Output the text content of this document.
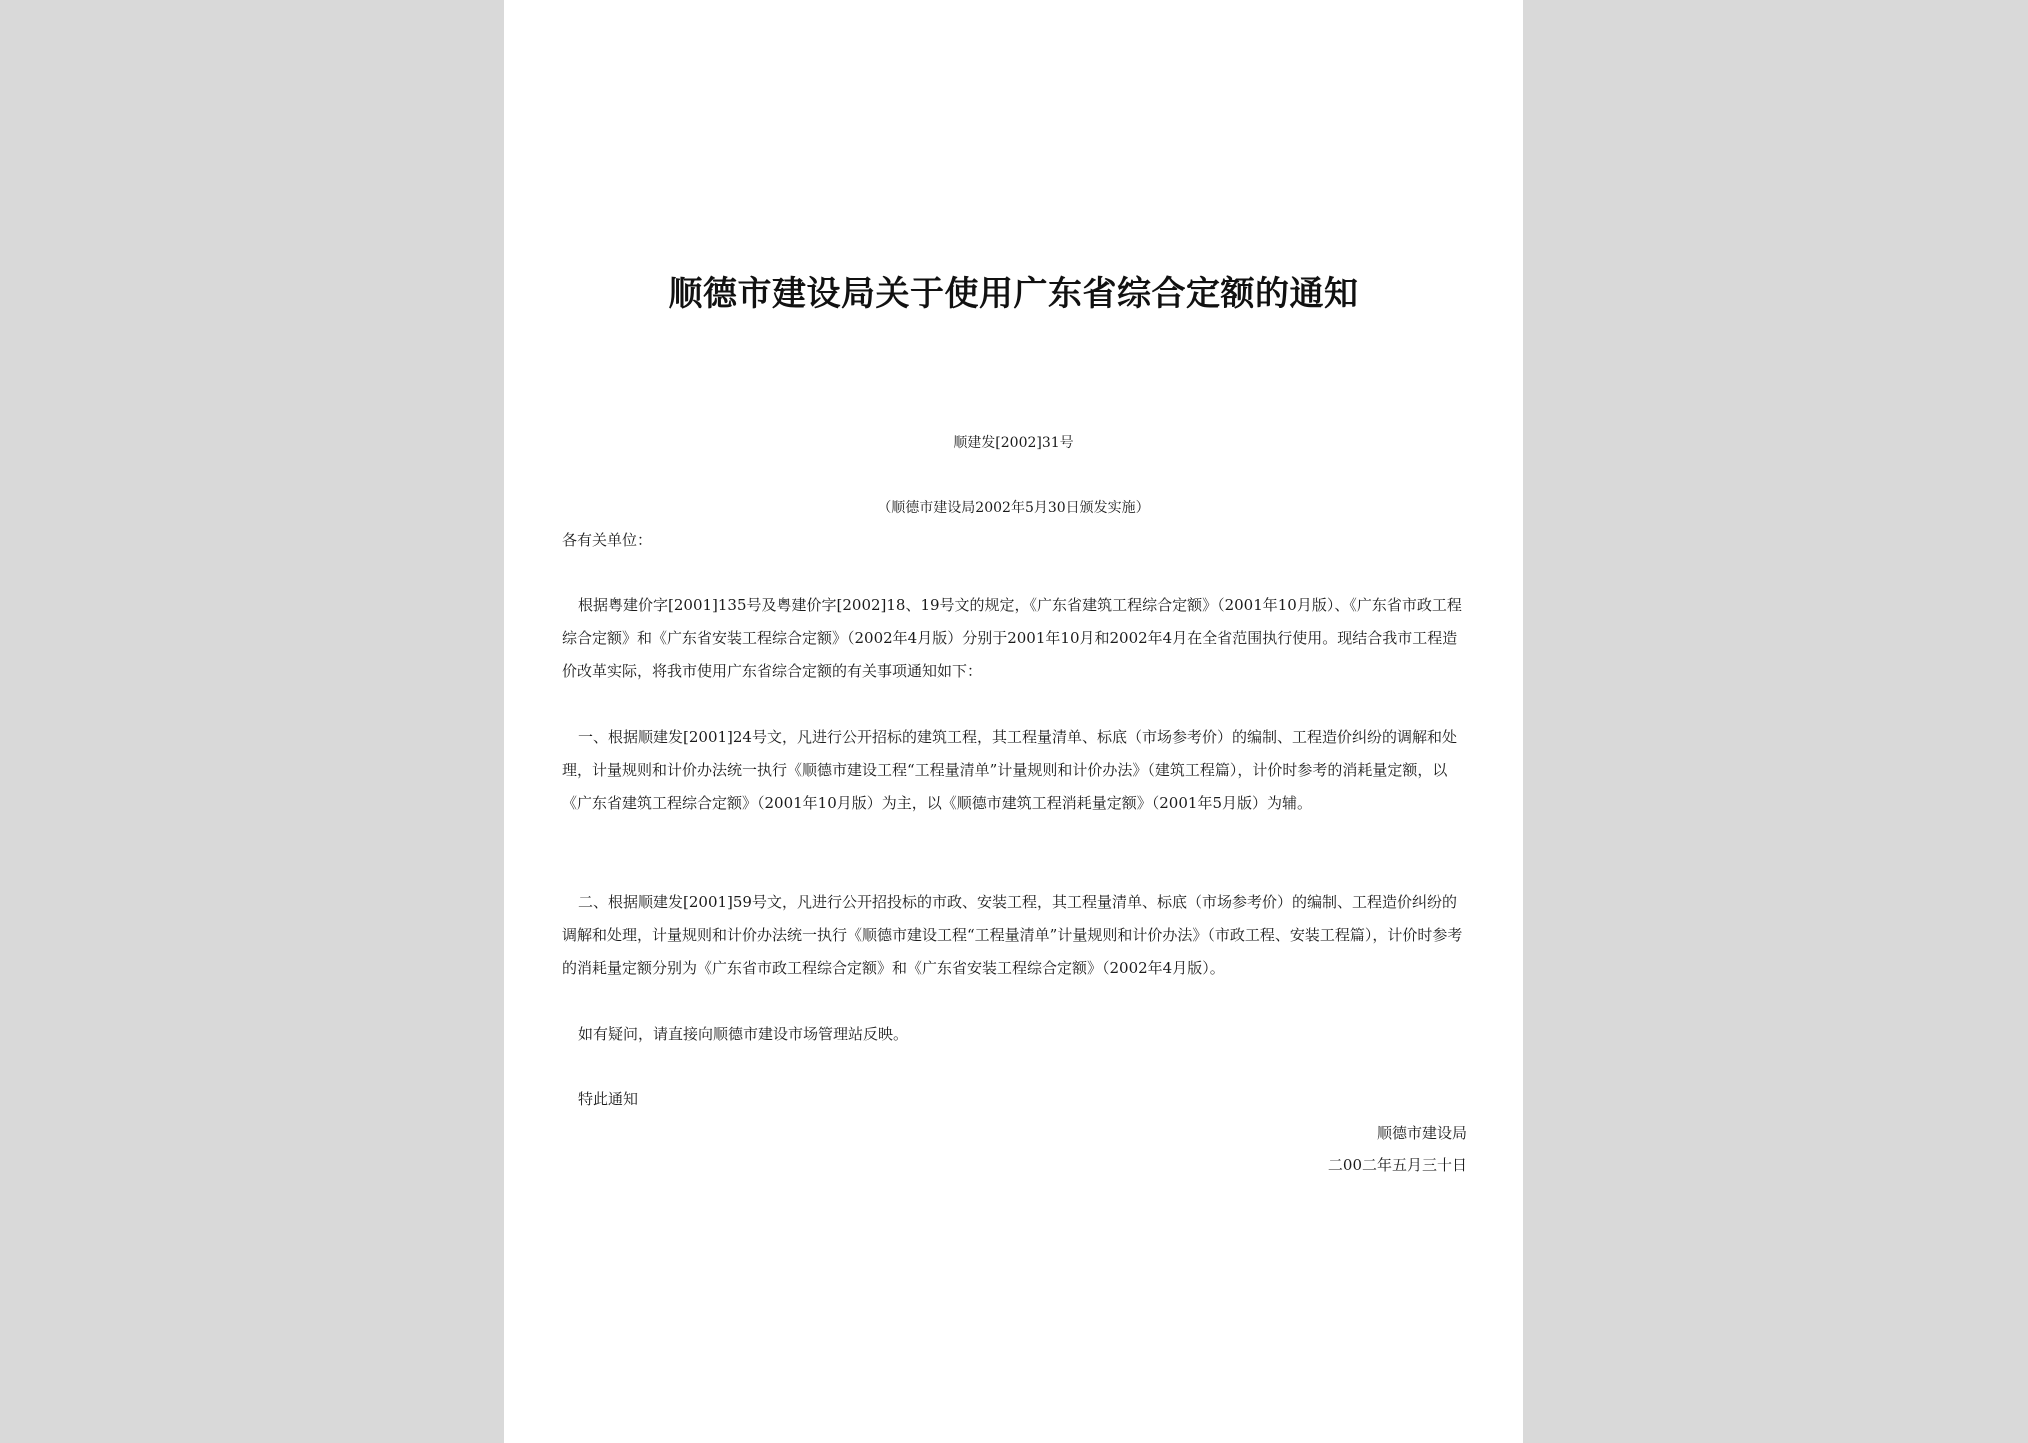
顺德市建设局关于使用广东省综合定额的通知
顺建发[2002]31号
（顺德市建设局2002年5月30日颁发实施）
各有关单位：

根据粤建价字[2001]135号及粤建价字[2002]18、19号文的规定，《广东省建筑工程综合定额》（2001年10月版）、《广东省市政工程综合定额》和《广东省安装工程综合定额》（2002年4月版）分别于2001年10月和2002年4月在全省范围执行使用。现结合我市工程造价改革实际，将我市使用广东省综合定额的有关事项通知如下：

一、根据顺建发[2001]24号文，凡进行公开招标的建筑工程，其工程量清单、标底（市场参考价）的编制、工程造价纠纷的调解和处理，计量规则和计价办法统一执行《顺德市建设工程“工程量清单”计量规则和计价办法》（建筑工程篇），计价时参考的消耗量定额，以《广东省建筑工程综合定额》（2001年10月版）为主，以《顺德市建筑工程消耗量定额》（2001年5月版）为辅。

二、根据顺建发[2001]59号文，凡进行公开招投标的市政、安装工程，其工程量清单、标底（市场参考价）的编制、工程造价纠纷的调解和处理，计量规则和计价办法统一执行《顺德市建设工程“工程量清单”计量规则和计价办法》（市政工程、安装工程篇），计价时参考的消耗量定额分别为《广东省市政工程综合定额》和《广东省安装工程综合定额》（2002年4月版）。

如有疑问，请直接向顺德市建设市场管理站反映。

特此通知

顺德市建设局
二00二年五月三十日
